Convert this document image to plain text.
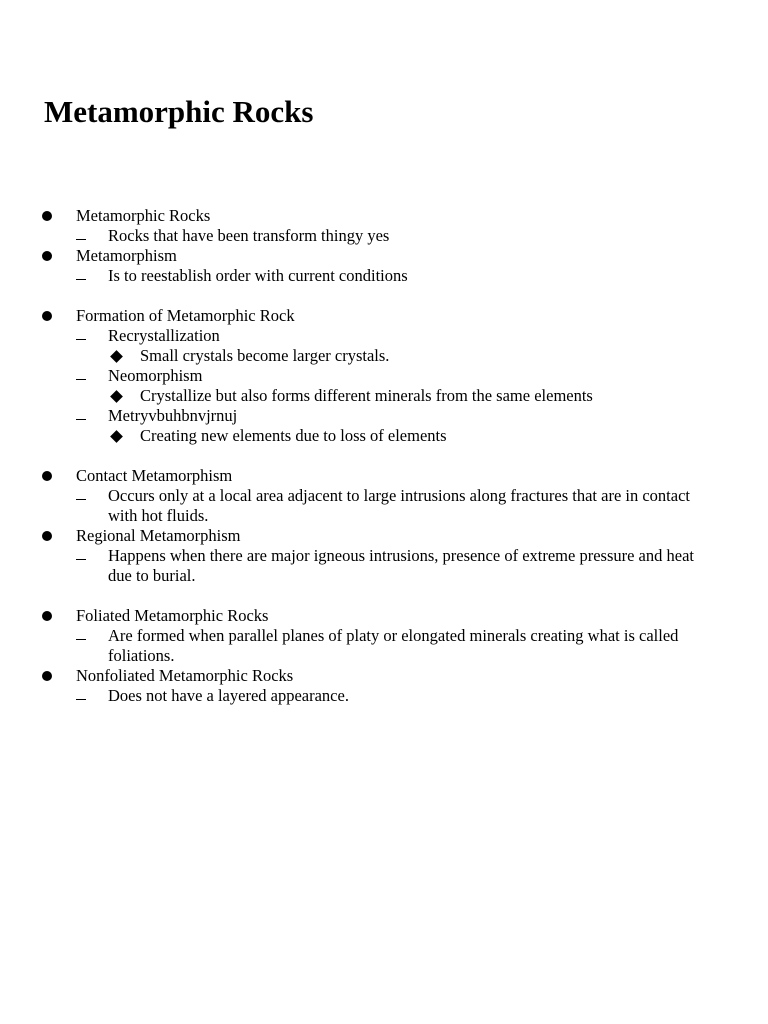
Metamorphic Rocks
Metamorphic Rocks
Rocks that have been transform thingy yes
Metamorphism
Is to reestablish order with current conditions
Formation of Metamorphic Rock
Recrystallization
Small crystals become larger crystals.
Neomorphism
Crystallize but also forms different minerals from the same elements
Metryvbuhbnvjrnuj
Creating new elements due to loss of elements
Contact Metamorphism
Occurs only at a local area adjacent to large intrusions along fractures that are in contact with hot fluids.
Regional Metamorphism
Happens when there are major igneous intrusions, presence of extreme pressure and heat due to burial.
Foliated Metamorphic Rocks
Are formed when parallel planes of platy or elongated minerals creating what is called foliations.
Nonfoliated Metamorphic Rocks
Does not have a layered appearance.
